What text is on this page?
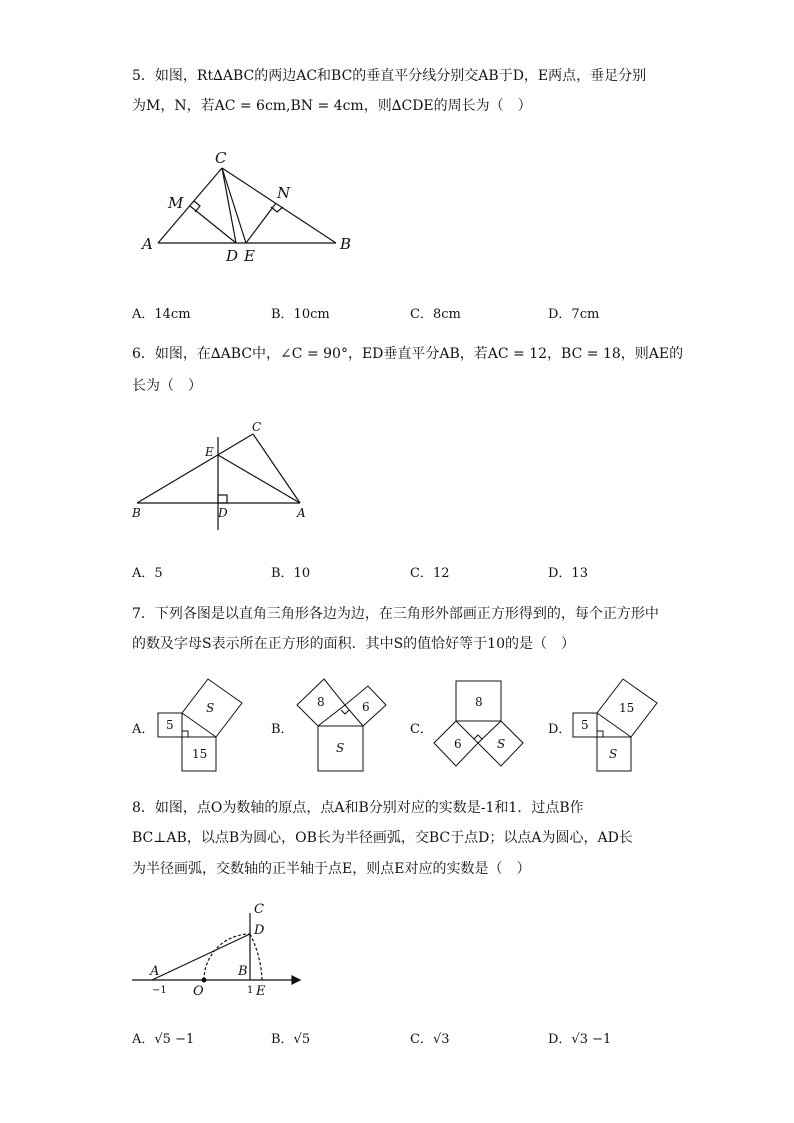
5．如图，Rt∆ABC的两边AC和BC的垂直平分线分别交AB于D，E两点，垂足分别
为M，N，若AC = 6cm,BN = 4cm，则∆CDE的周长为（　）
C
M
N
A
D E
B
A．14cm	B．10cm	C．8cm	D．7cm
6．如图，在∆ABC中，∠C = 90°，ED垂直平分AB，若AC = 12，BC = 18，则AE的
长为（　）
C
E
B	D	A
A．5	B．10	C．12	D．13
7．下列各图是以直角三角形各边为边，在三角形外部画正方形得到的，每个正方形中
的数及字母S表示所在正方形的面积．其中S的值恰好等于10的是（　）
A．	B．	C．	D．
5
S
15
8	6
S
8
6	S
5
15
S
8．如图，点O为数轴的原点，点A和B分别对应的实数是-1和1．过点B作
BC⊥AB，以点B为圆心，OB长为半径画弧，交BC于点D；以点A为圆心，AD长
为半径画弧，交数轴的正半轴于点E，则点E对应的实数是（　）
C
D
A	B
O	E
−1	1
A．√5 −1	B．√5	C．√3	D．√3 −1
